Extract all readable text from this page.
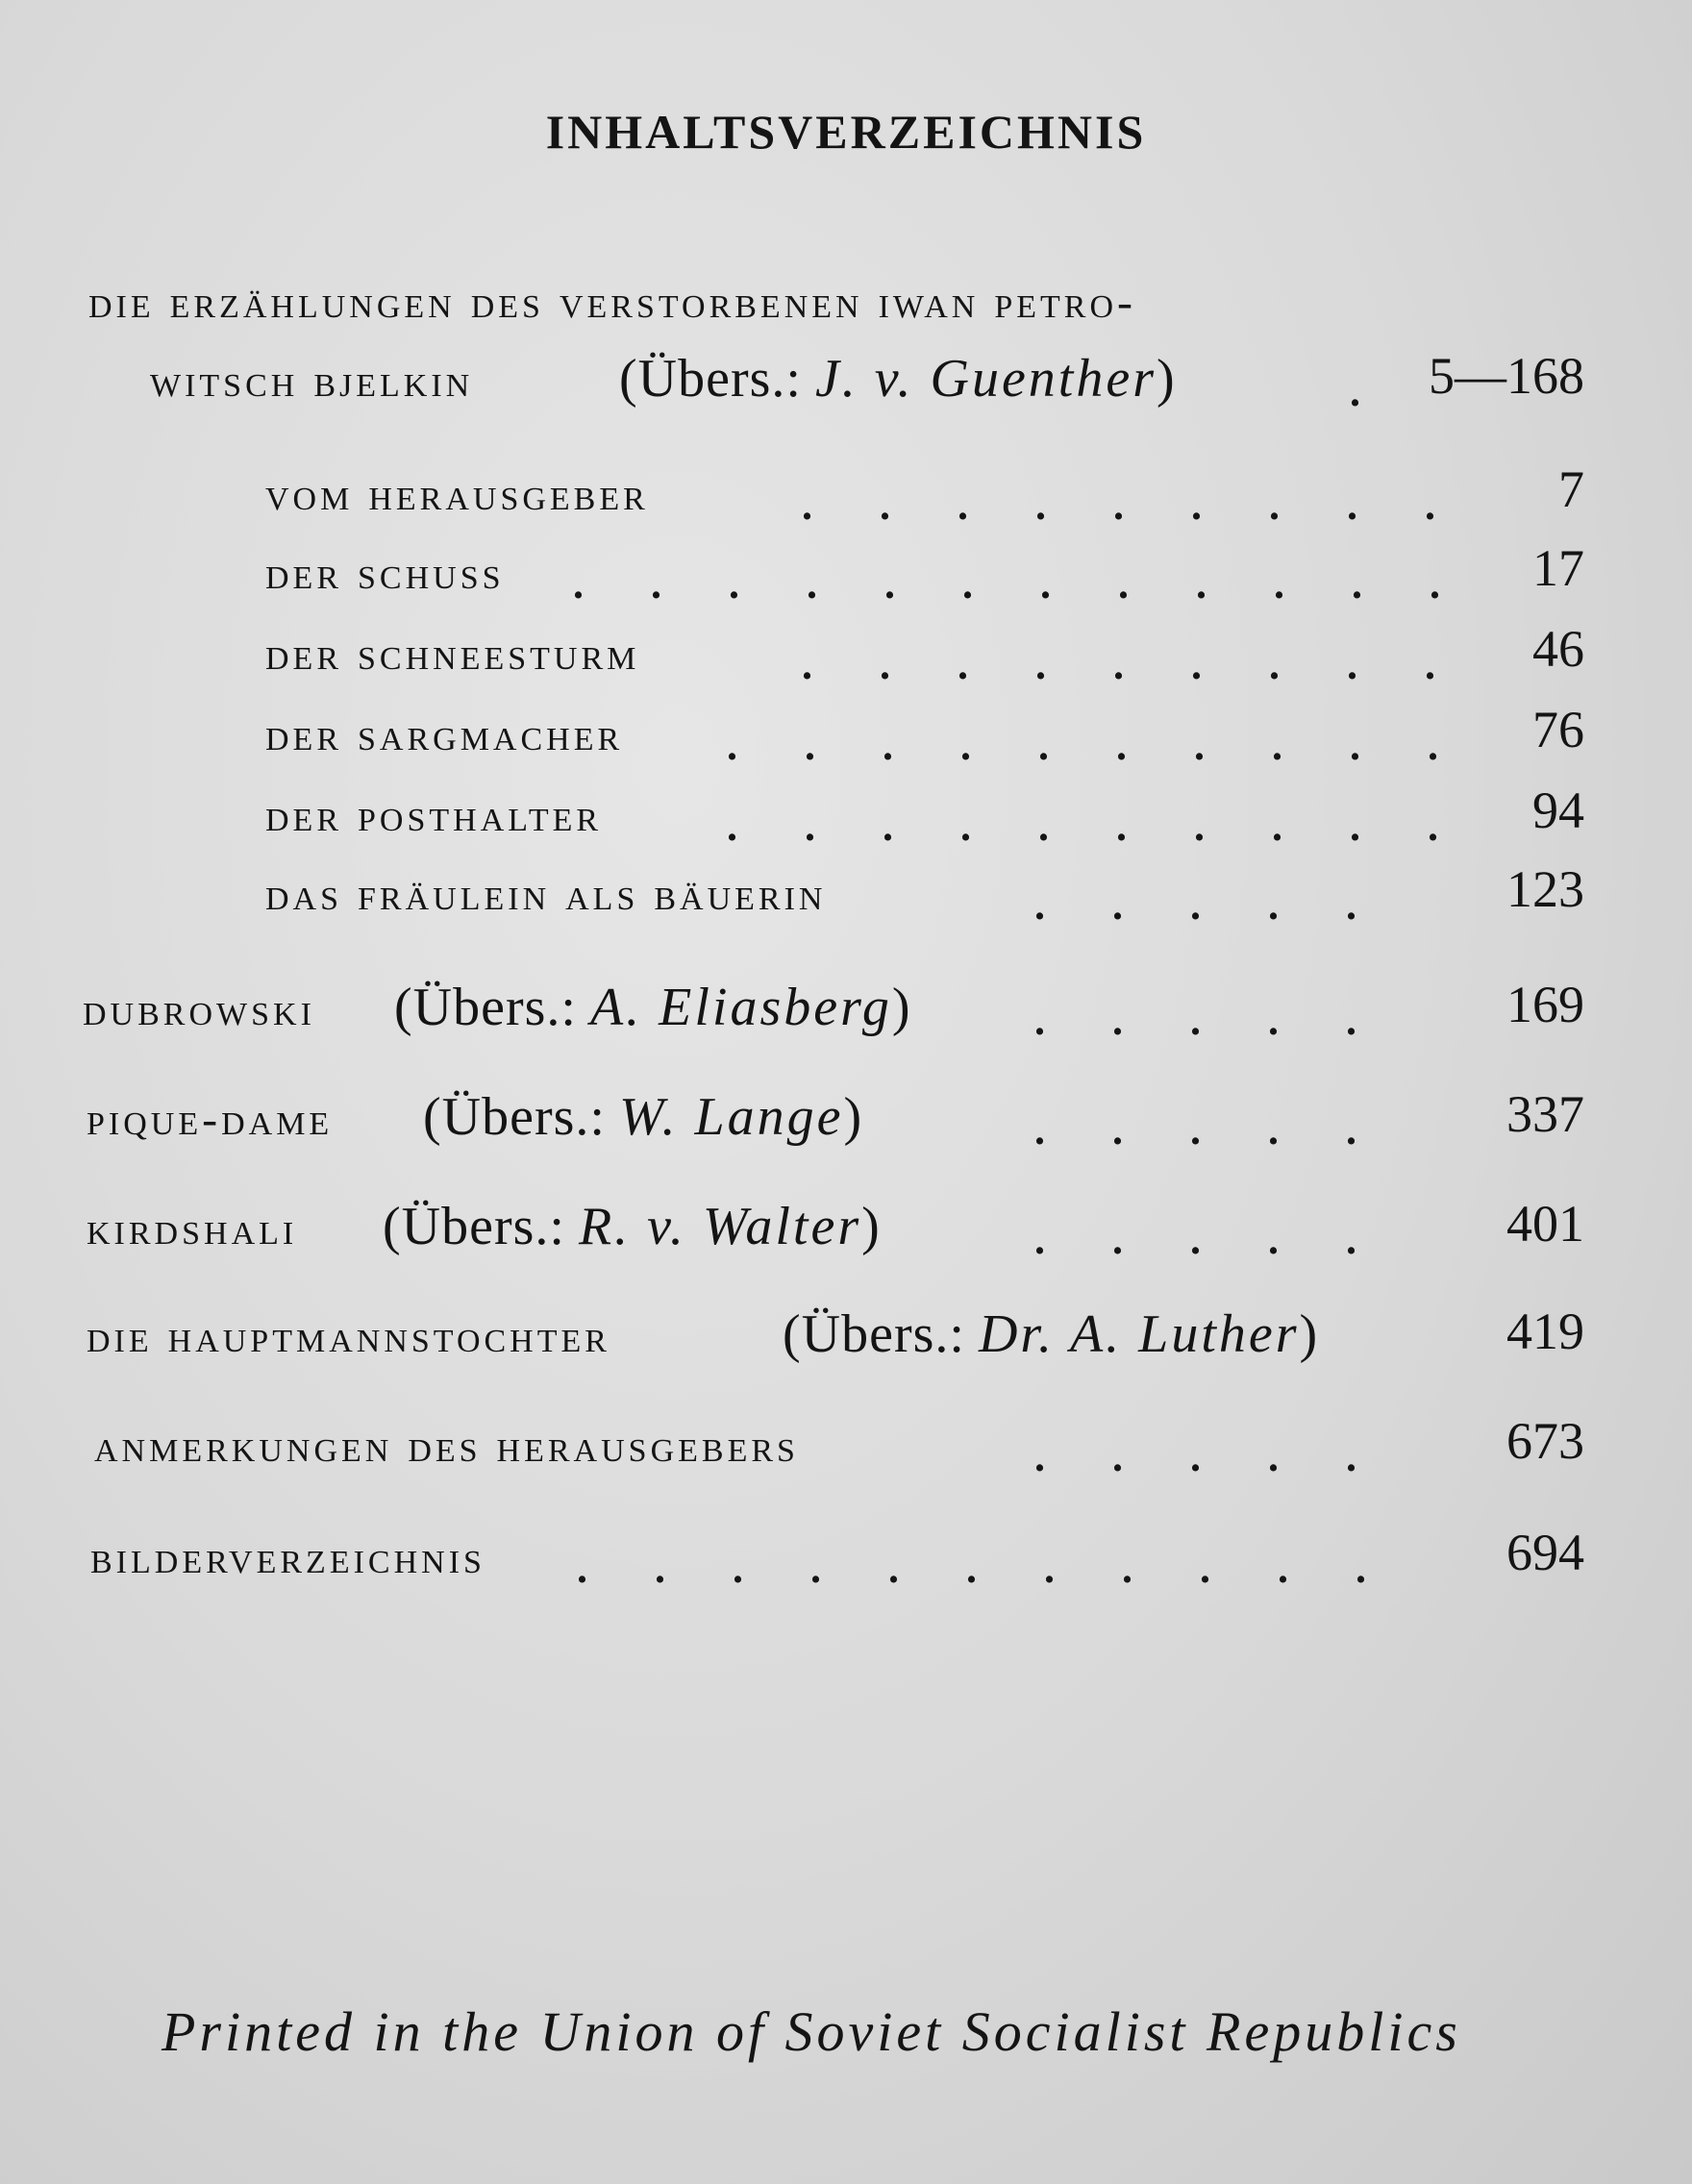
INHALTSVERZEICHNIS
die erzählungen des verstorbenen iwan petro-
witsch bjelkin	(Übers.: J. v. Guenther)	.	5—168
vom herausgeber	. . . . . . . . . 7
der schuss . . . . . . . . . . . . 17
der schneesturm	. . . . . . . . . 46
der sargmacher . . . . . . . . . . 76
der posthalter	. . . . . . . . . . 94
das fräulein als bäuerin	. . . . .	123
dubrowski (Übers.: A. Eliasberg)	. . . . .	169
pique-dame (Übers.: W. Lange)	. . . . .	337
kirdshali (Übers.: R. v. Walter)	. . . . .	401
die hauptmannstochter	(Übers.: Dr. A. Luther)	419
anmerkungen des herausgebers	. . . . .	673
bilderverzeichnis . . . . . . . . . . .	694
Printed in the Union of Soviet Socialist Republics
